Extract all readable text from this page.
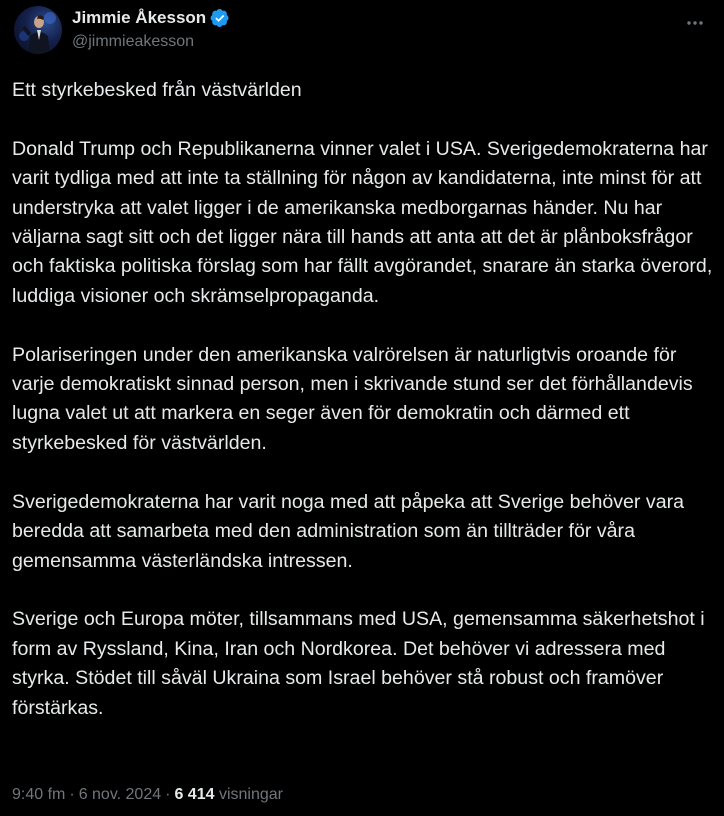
Jimmie Åkesson
@jimmieakesson
Ett styrkebesked från västvärlden

Donald Trump och Republikanerna vinner valet i USA. Sverigedemokraterna har varit tydliga med att inte ta ställning för någon av kandidaterna, inte minst för att understryka att valet ligger i de amerikanska medborgarnas händer. Nu har väljarna sagt sitt och det ligger nära till hands att anta att det är plånboksfrågor och faktiska politiska förslag som har fällt avgörandet, snarare än starka överord, luddiga visioner och skrämselpropaganda.

Polariseringen under den amerikanska valrörelsen är naturligtvis oroande för varje demokratiskt sinnad person, men i skrivande stund ser det förhållandevis lugna valet ut att markera en seger även för demokratin och därmed ett styrkebesked för västvärlden.

Sverigedemokraterna har varit noga med att påpeka att Sverige behöver vara beredda att samarbeta med den administration som än tillträder för våra gemensamma västerländska intressen.

Sverige och Europa möter, tillsammans med USA, gemensamma säkerhetshot i form av Ryssland, Kina, Iran och Nordkorea. Det behöver vi adressera med styrka. Stödet till såväl Ukraina som Israel behöver stå robust och framöver förstärkas.
9:40 fm · 6 nov. 2024 · 6 414 visningar
